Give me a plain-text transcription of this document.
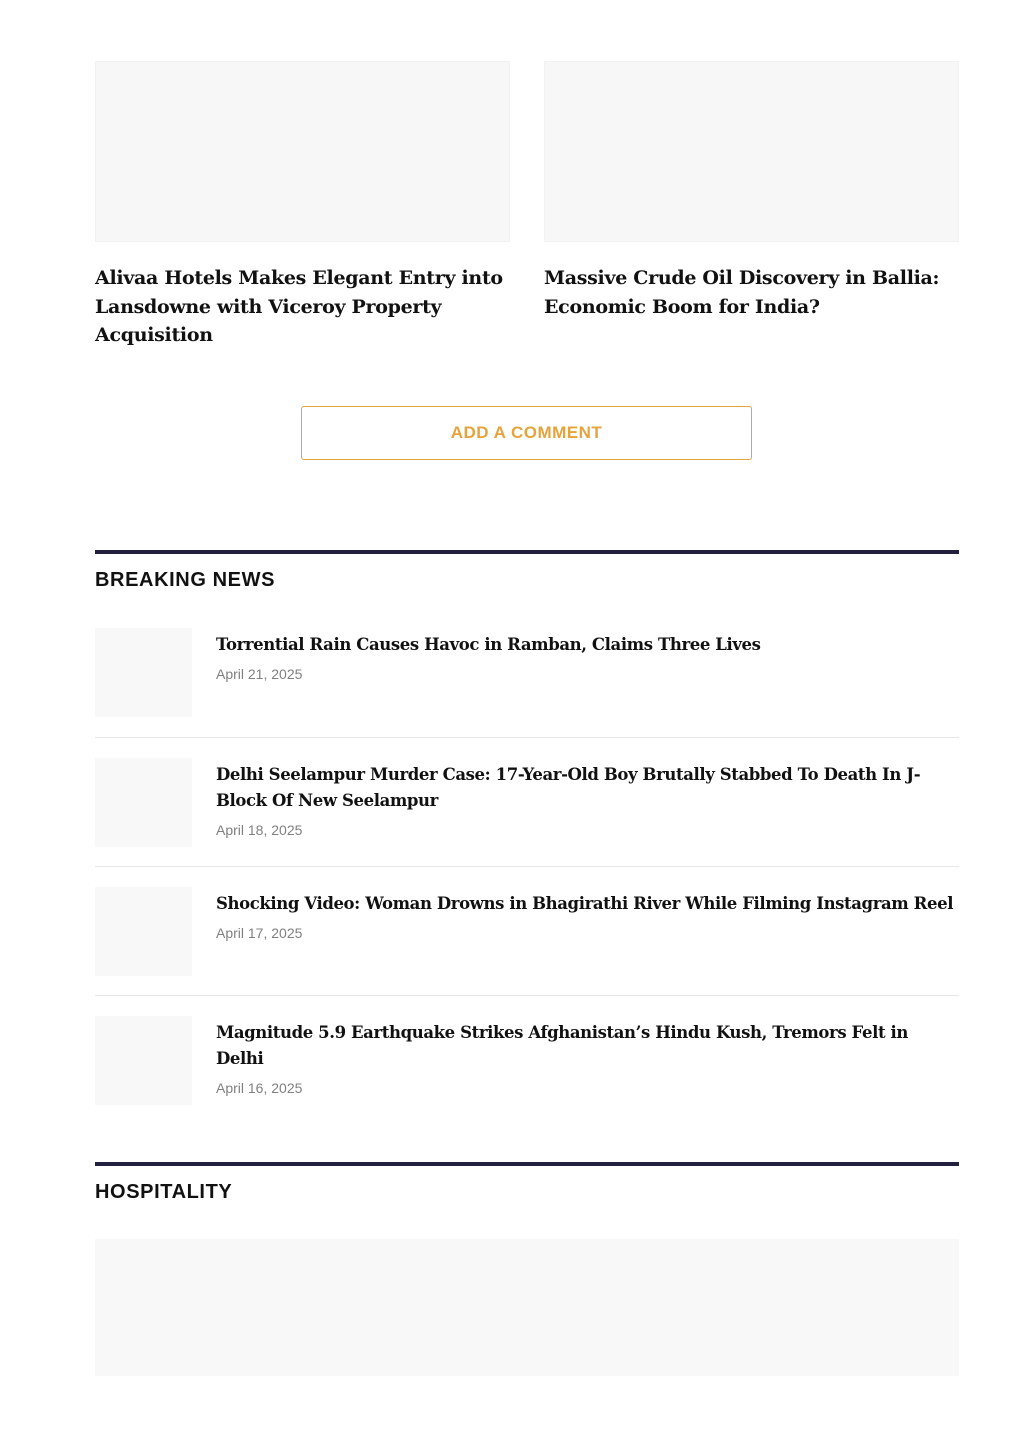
Alivaa Hotels Makes Elegant Entry into Lansdowne with Viceroy Property Acquisition
Massive Crude Oil Discovery in Ballia: Economic Boom for India?
ADD A COMMENT
BREAKING NEWS
Torrential Rain Causes Havoc in Ramban, Claims Three Lives
April 21, 2025
Delhi Seelampur Murder Case: 17-Year-Old Boy Brutally Stabbed To Death In J-Block Of New Seelampur
April 18, 2025
Shocking Video: Woman Drowns in Bhagirathi River While Filming Instagram Reel
April 17, 2025
Magnitude 5.9 Earthquake Strikes Afghanistan’s Hindu Kush, Tremors Felt in Delhi
April 16, 2025
HOSPITALITY
